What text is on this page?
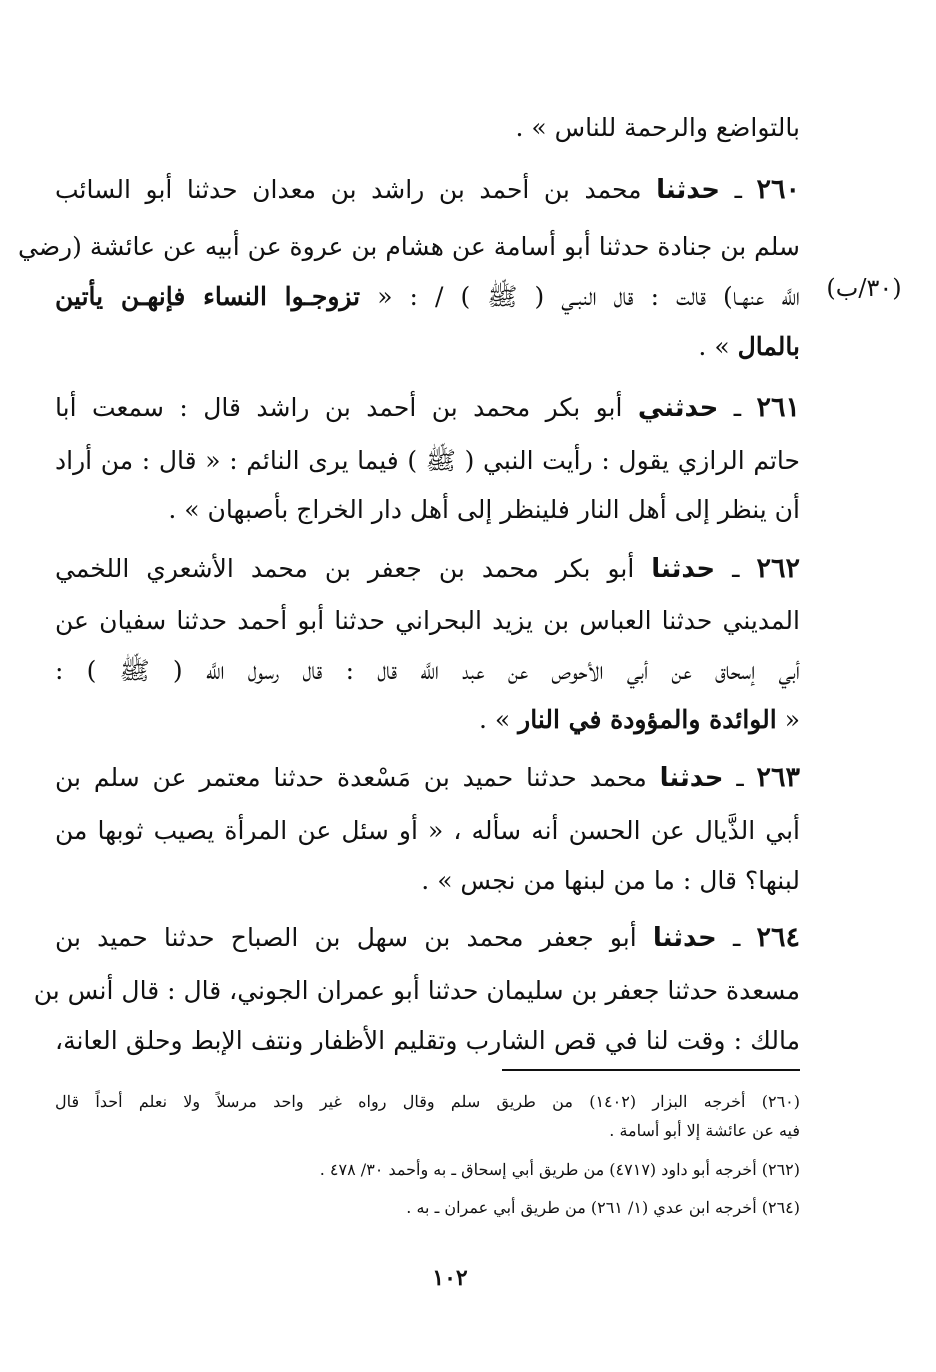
بالتواضع والرحمة للناس » .
٢٦٠ ـ حدثنا محمد بن أحمد بن راشد بن معدان حدثنا أبو السائب
سلم بن جنادة حدثنا أبو أسامة عن هشام بن عروة عن أبيه عن عائشة (رضي
اللَّه عنهـا) قالت : قال النبـي ( ﷺ ) / : « تزوجـوا النساء فإنهـن يأتين
بالمال » .
٢٦١ ـ حدثني أبو بكر محمد بن أحمد بن راشد قال : سمعت أبا
حاتم الرازي يقول : رأيت النبي ( ﷺ ) فيما يرى النائم : « قال : من أراد
أن ينظر إلى أهل النار فلينظر إلى أهل دار الخراج بأصبهان » .
٢٦٢ ـ حدثنا أبو بكر محمد بن جعفر بن محمد الأشعري اللخمي
المديني حدثنا العباس بن يزيد البحراني حدثنا أبو أحمد حدثنا سفيان عن
أبي إسحاق عن أبي الأحوص عن عبد اللَّه قال : قال رسول اللَّه ( ﷺ ) :
« الوائدة والمؤودة في النار » .
٢٦٣ ـ حدثنا محمد حدثنا حميد بن مَسْعدة حدثنا معتمر عن سلم بن
أبي الذَّيال عن الحسن أنه سأله ، « أو سئل عن المرأة يصيب ثوبها من
لبنها؟ قال : ما من لبنها من نجس » .
٢٦٤ ـ حدثنا أبو جعفر محمد بن سهل بن الصباح حدثنا حميد بن
مسعدة حدثنا جعفر بن سليمان حدثنا أبو عمران الجوني، قال : قال أنس بن
مالك : وقت لنا في قص الشارب وتقليم الأظفار ونتف الإبط وحلق العانة،
(٣٠/ب)
(٢٦٠) أخرجه البزار (١٤٠٢) من طريق سلم وقال رواه غير واحد مرسلاً ولا نعلم أحداً قال
فيه عن عائشة إلا أبو أسامة .
(٢٦٢) أخرجه أبو داود (٤٧١٧) من طريق أبي إسحاق ـ به وأحمد ٣٠/ ٤٧٨ .
(٢٦٤) أخرجه ابن عدي (١/ ٢٦١) من طريق أبي عمران ـ به .
١٠٢
